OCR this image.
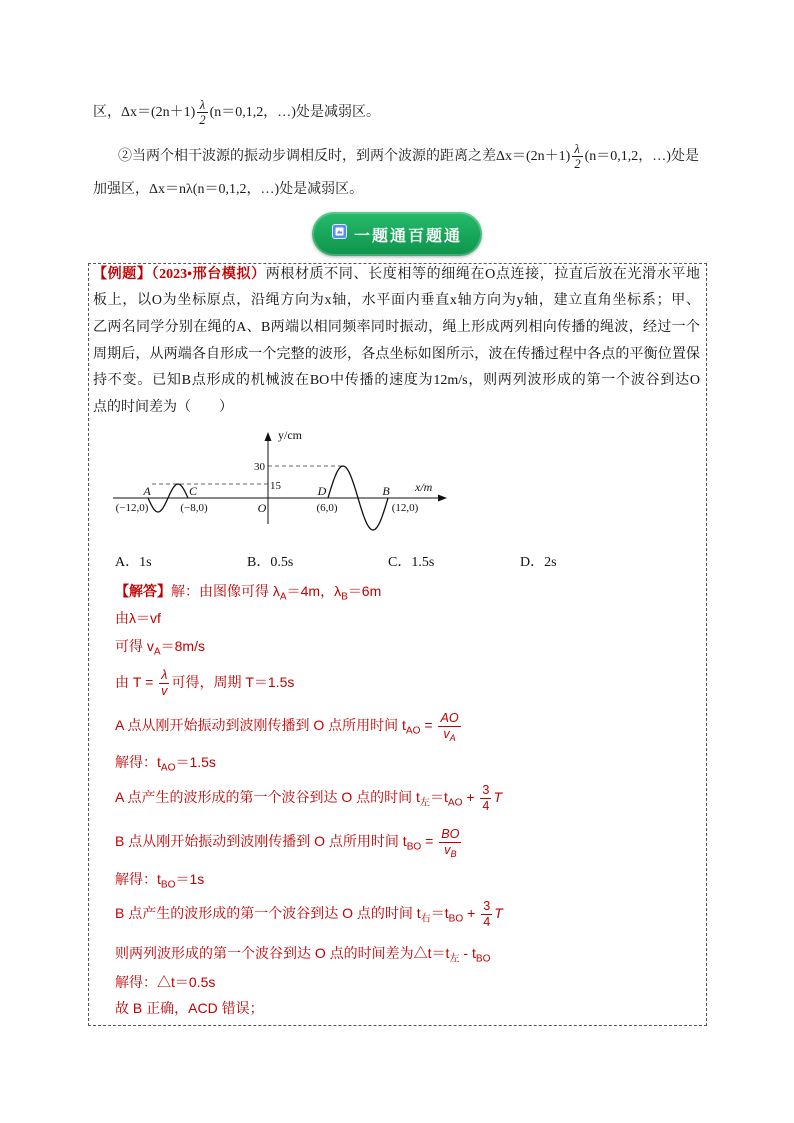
区，$\Delta x=(2n+1) \frac{\lambda}{2} (n=0,1,2$，…)处是减弱区。
②当两个相干波源的振动步调相反时，到两个波源的距离之差$\Delta x=(2n+1) \frac{\lambda}{2} (n=0,1,2$，…)处是
加强区，Δx＝nλ(n＝0,1,2，…)处是减弱区。
一题通百题通
【例题】（2023•邢台模拟）两根材质不同、长度相等的细绳在O点连接，拉直后放在光滑水平地
板上，以O为坐标原点，沿绳方向为x轴，水平面内垂直x轴方向为y轴，建立直角坐标系；甲、
乙两名同学分别在绳的A、B两端以相同频率同时振动，绳上形成两列相向传播的绳波，经过一个
周期后，从两端各自形成一个完整的波形，各点坐标如图所示，波在传播过程中各点的平衡位置保
持不变。已知B点形成的机械波在BO中传播的速度为12m/s，则两列波形成的第一个波谷到达O
点的时间差为（　　）
y/cm
x/m
30
15
O
A	C	D	B
(−12,0)	(−8,0)	(6,0)	(12,0)
A．1s	B．0.5s	C．1.5s	D．2s
【解答】解：由图像可得 $\lambda_A=4m$，$\lambda_B=6m$
由λ＝vf
可得 $v_A=8m/s$
由 $T = \frac{\lambda}{v}$ 可得，周期 T＝1.5s
A 点从刚开始振动到波刚传播到 O 点所用时间 $t_{AO} = \frac{AO}{v_A}$
解得：$t_{AO}=1.5s$
A 点产生的波形成的第一个波谷到达 O 点的时间 $t_左=t_{AO} + \frac{3}{4}$ T
B 点从刚开始振动到波刚传播到 O 点所用时间 $t_{BO} = \frac{BO}{v_B}$
解得：$t_{BO}=1s$
B 点产生的波形成的第一个波谷到达 O 点的时间 $t_右=t_{BO} + \frac{3}{4}$ T
则两列波形成的第一个波谷到达 O 点的时间差为$\triangle t=t_左 - t_{BO}$
解得：△t＝0.5s
故 B 正确，ACD 错误；
